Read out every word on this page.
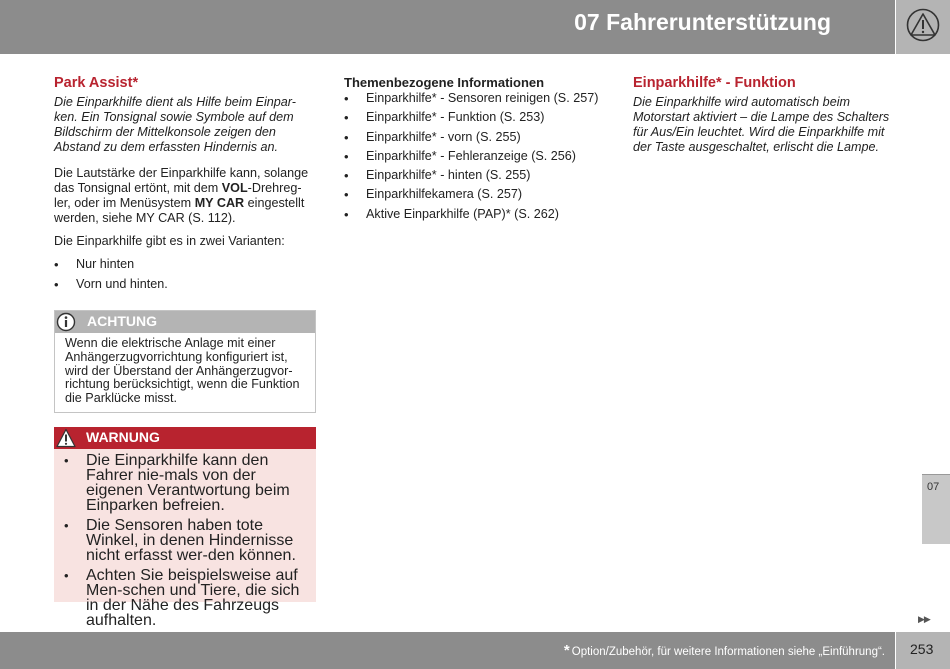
07 Fahrerunterstützung
Park Assist*

Die Einparkhilfe dient als Hilfe beim Einpar-ken. Ein Tonsignal sowie Symbole auf dem Bildschirm der Mittelkonsole zeigen den Abstand zu dem erfassten Hindernis an.

Die Lautstärke der Einparkhilfe kann, solange das Tonsignal ertönt, mit dem VOL-Drehreg-ler, oder im Menüsystem MY CAR eingestellt werden, siehe MY CAR (S. 112).

Die Einparkhilfe gibt es in zwei Varianten:

• Nur hinten
• Vorn und hinten.
ACHTUNG
Wenn die elektrische Anlage mit einer Anhängerzugvorrichtung konfiguriert ist, wird der Überstand der Anhängerzugvor-richtung berücksichtigt, wenn die Funktion die Parklücke misst.
WARNUNG
• Die Einparkhilfe kann den Fahrer nie-mals von der eigenen Verantwortung beim Einparken befreien.
• Die Sensoren haben tote Winkel, in denen Hindernisse nicht erfasst wer-den können.
• Achten Sie beispielsweise auf Men-schen und Tiere, die sich in der Nähe des Fahrzeugs aufhalten.
Themenbezogene Informationen
• Einparkhilfe* - Sensoren reinigen (S. 257)
• Einparkhilfe* - Funktion (S. 253)
• Einparkhilfe* - vorn (S. 255)
• Einparkhilfe* - Fehleranzeige (S. 256)
• Einparkhilfe* - hinten (S. 255)
• Einparkhilfekamera (S. 257)
• Aktive Einparkhilfe (PAP)* (S. 262)
Einparkhilfe* - Funktion

Die Einparkhilfe wird automatisch beim Motorstart aktiviert – die Lampe des Schalters für Aus/Ein leuchtet. Wird die Einparkhilfe mit der Taste ausgeschaltet, erlischt die Lampe.

07
▶▶
* Option/Zubehör, für weitere Informationen siehe „Einführung“. 253
